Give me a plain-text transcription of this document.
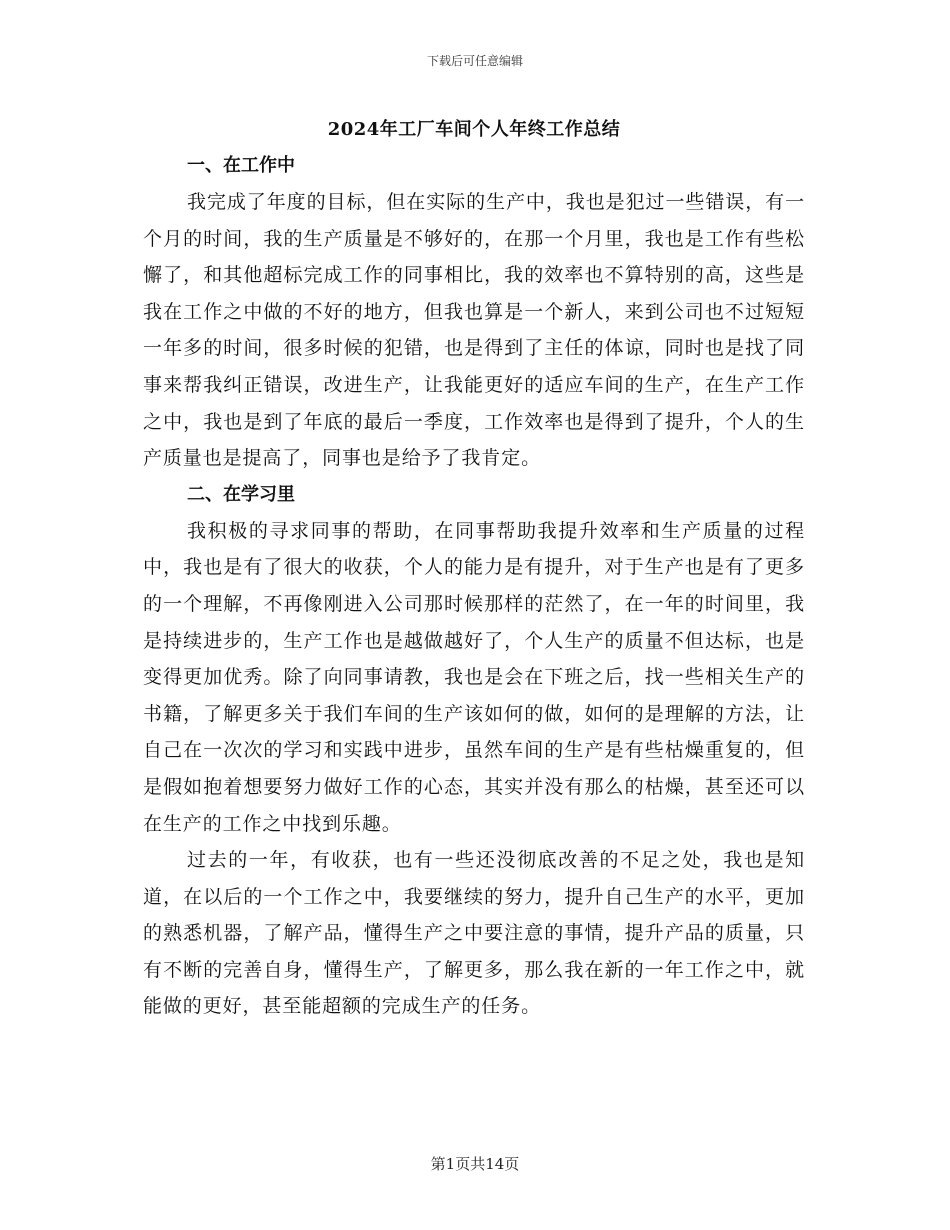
下载后可任意编辑
2024年工厂车间个人年终工作总结
一、在工作中

我完成了年度的目标，但在实际的生产中，我也是犯过一些错误，有一个月的时间，我的生产质量是不够好的，在那一个月里，我也是工作有些松懈了，和其他超标完成工作的同事相比，我的效率也不算特别的高，这些是我在工作之中做的不好的地方，但我也算是一个新人，来到公司也不过短短一年多的时间，很多时候的犯错，也是得到了主任的体谅，同时也是找了同事来帮我纠正错误，改进生产，让我能更好的适应车间的生产，在生产工作之中，我也是到了年底的最后一季度，工作效率也是得到了提升，个人的生产质量也是提高了，同事也是给予了我肯定。

二、在学习里

我积极的寻求同事的帮助，在同事帮助我提升效率和生产质量的过程中，我也是有了很大的收获，个人的能力是有提升，对于生产也是有了更多的一个理解，不再像刚进入公司那时候那样的茫然了，在一年的时间里，我是持续进步的，生产工作也是越做越好了，个人生产的质量不但达标，也是变得更加优秀。除了向同事请教，我也是会在下班之后，找一些相关生产的书籍，了解更多关于我们车间的生产该如何的做，如何的是理解的方法，让自己在一次次的学习和实践中进步，虽然车间的生产是有些枯燥重复的，但是假如抱着想要努力做好工作的心态，其实并没有那么的枯燥，甚至还可以在生产的工作之中找到乐趣。

过去的一年，有收获，也有一些还没彻底改善的不足之处，我也是知道，在以后的一个工作之中，我要继续的努力，提升自己生产的水平，更加的熟悉机器，了解产品，懂得生产之中要注意的事情，提升产品的质量，只有不断的完善自身，懂得生产，了解更多，那么我在新的一年工作之中，就能做的更好，甚至能超额的完成生产的任务。

第1页共14页
